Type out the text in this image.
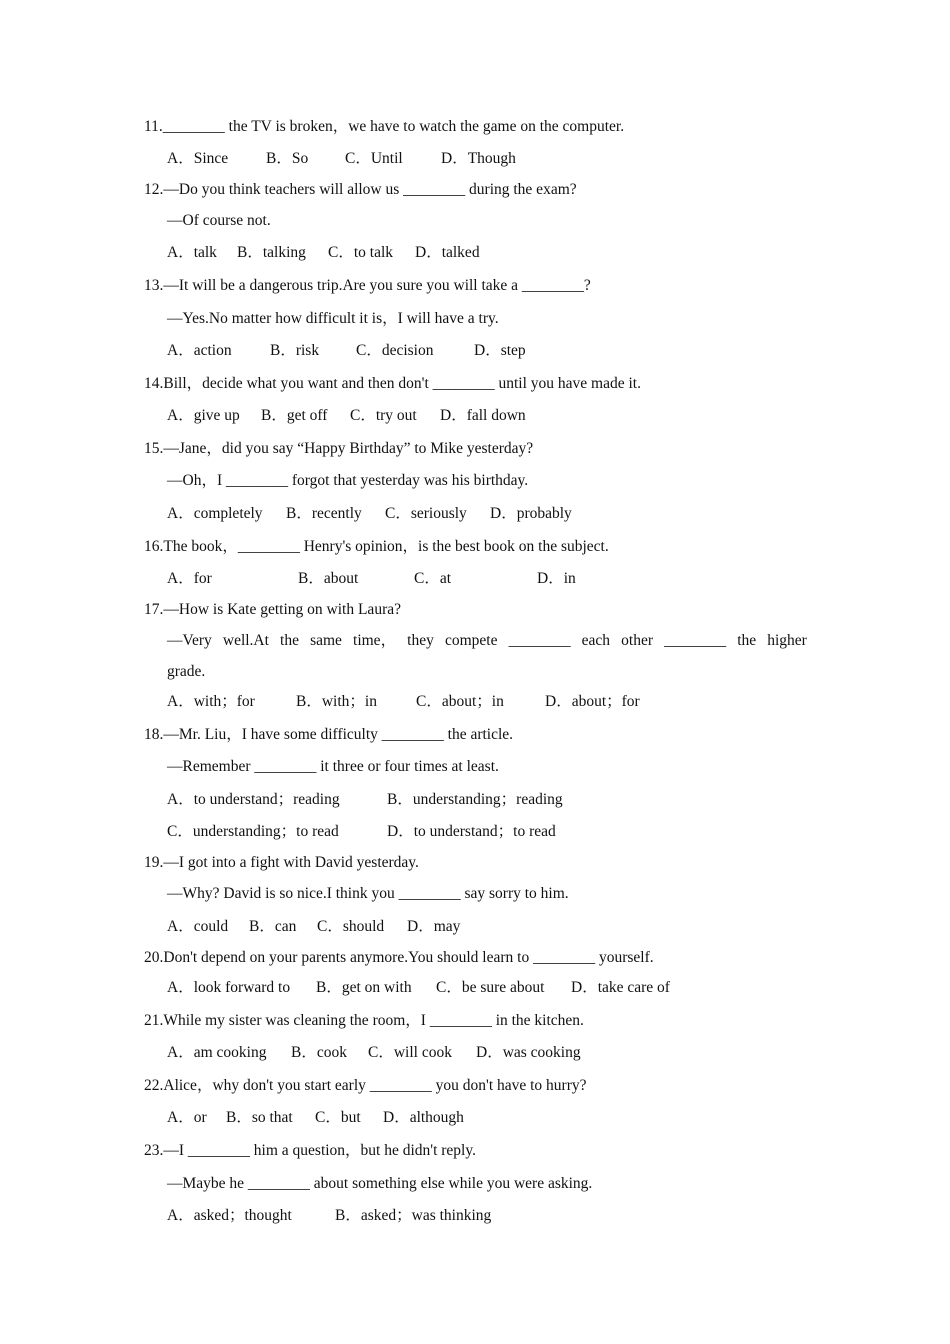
11.________ the TV is broken，we have to watch the game on the computer.
A．Since B．So C．Until D．Though
12.—Do you think teachers will allow us ________ during the exam?
—Of course not.
A．talk B．talking C．to talk D．talked
13.—It will be a dangerous trip.Are you sure you will take a ________?
—Yes.No matter how difficult it is，I will have a try.
A．action B．risk C．decision	D．step
14.Bill，decide what you want and then don't ________ until you have made it.
A．give up B．get off C．try out D．fall down
15.—Jane，did you say “Happy Birthday” to Mike yesterday?
—Oh，I ________ forgot that yesterday was his birthday.
A．completely B．recently C．seriously D．probably
16.The book，________ Henry's opinion，is the best book on the subject.
A．for	B．about	C．at	D．in
17.—How is Kate getting on with Laura?
—Very well.At the same time， they compete ________ each other ________ the higher
grade.
A．with；for	B．with；in	C．about；in	D．about；for
18.—Mr. Liu，I have some difficulty ________ the article.
—Remember ________ it three or four times at least.
A．to understand；reading	B．understanding；reading
C．understanding；to read	D．to understand；to read
19.—I got into a fight with David yesterday.
—Why? David is so nice.I think you ________ say sorry to him.
A．could B．can C．should D．may
20.Don't depend on your parents anymore.You should learn to ________ yourself.
A．look forward to B．get on with C．be sure about D．take care of
21.While my sister was cleaning the room，I ________ in the kitchen.
A．am cooking B．cook C．will cook D．was cooking
22.Alice，why don't you start early ________ you don't have to hurry?
A．or B．so that C．but D．although
23.—I ________ him a question，but he didn't reply.
—Maybe he ________ about something else while you were asking.
A．asked；thought	B．asked；was thinking
